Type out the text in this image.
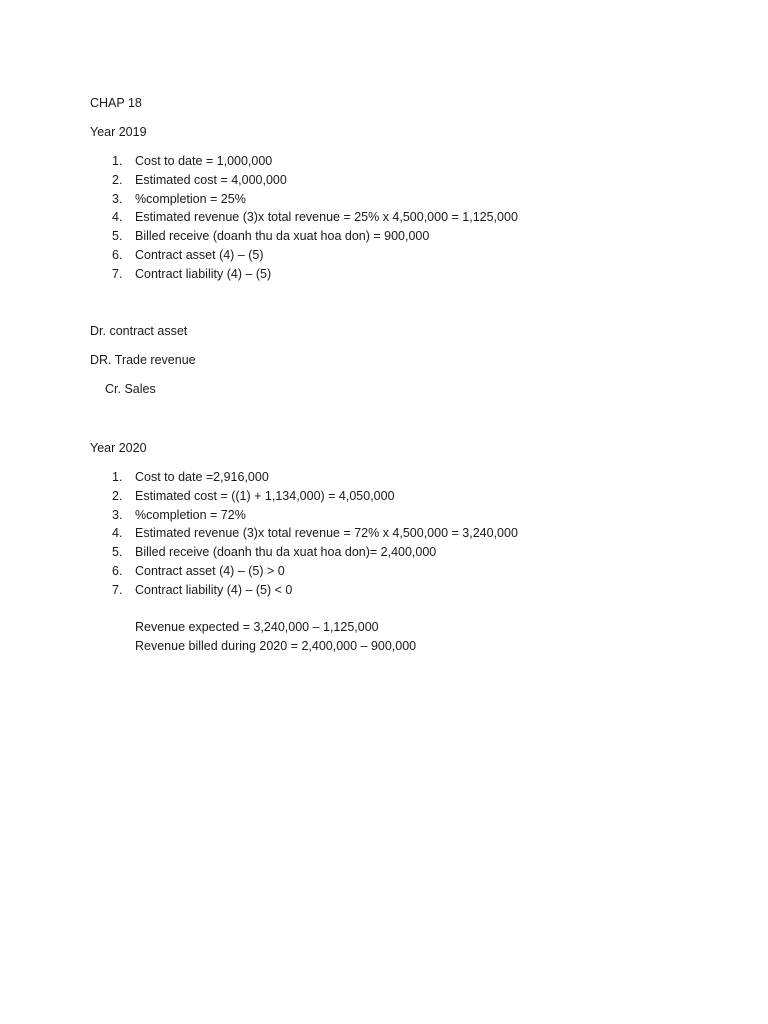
CHAP 18
Year 2019
1.	Cost to date = 1,000,000
2.	Estimated cost = 4,000,000
3.	%completion = 25%
4.	Estimated revenue (3)x total revenue = 25% x 4,500,000 = 1,125,000
5.	Billed receive (doanh thu da xuat hoa don) = 900,000
6.	Contract asset (4) – (5)
7.	Contract liability (4) – (5)
Dr. contract asset
DR. Trade revenue
Cr. Sales
Year 2020
1.	Cost to date =2,916,000
2.	Estimated cost = ((1) + 1,134,000) = 4,050,000
3.	%completion = 72%
4.	Estimated revenue (3)x total revenue = 72% x 4,500,000 = 3,240,000
5.	Billed receive (doanh thu da xuat hoa don)= 2,400,000
6.	Contract asset (4) – (5) > 0
7.	Contract liability (4) – (5) < 0
Revenue expected = 3,240,000 – 1,125,000
Revenue billed during 2020 = 2,400,000 – 900,000
